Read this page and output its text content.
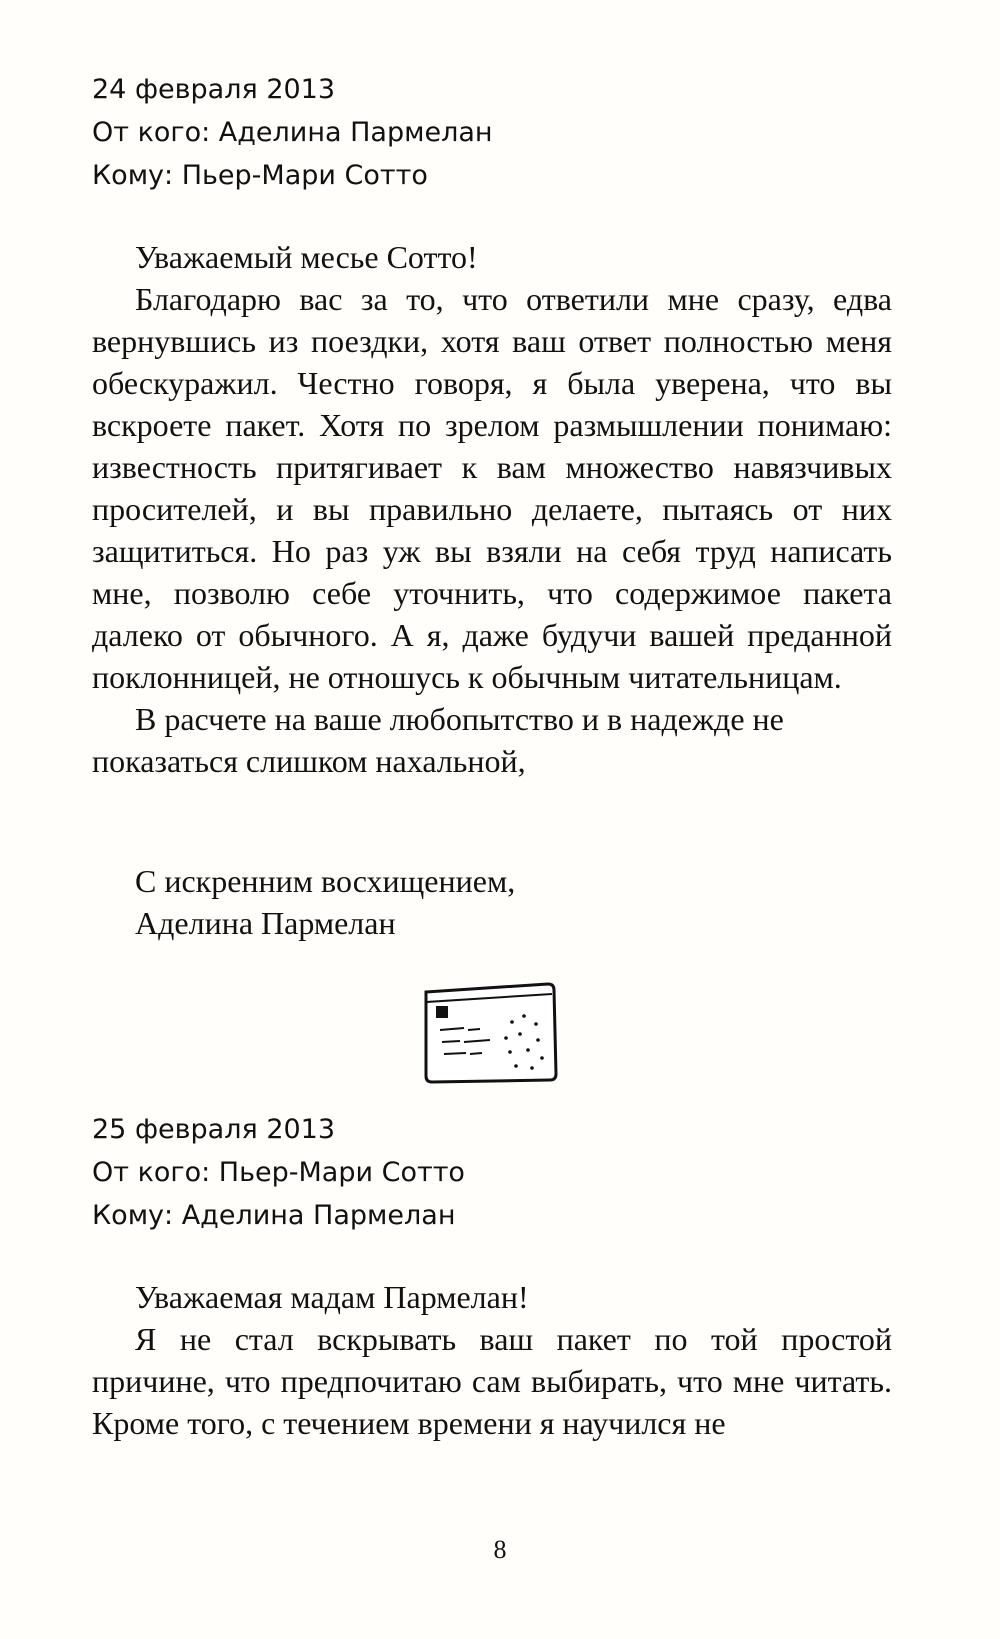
24 февраля 2013
От кого: Аделина Пармелан
Кому: Пьер-Мари Сотто

Уважаемый месье Сотто!

Благодарю вас за то, что ответили мне сразу, едва вернувшись из поездки, хотя ваш ответ полностью меня обескуражил. Честно говоря, я была уверена, что вы вскроете пакет. Хотя по зрелом размышлении понимаю: известность притягивает к вам множество навязчивых просителей, и вы правильно делаете, пытаясь от них защититься. Но раз уж вы взяли на себя труд написать мне, позволю себе уточнить, что содержимое пакета далеко от обычного. А я, даже будучи вашей преданной поклонницей, не отношусь к обычным читательницам.

В расчете на ваше любопытство и в надежде не показаться слишком нахальной,

С искренним восхищением,
Аделина Пармелан
25 февраля 2013
От кого: Пьер-Мари Сотто
Кому: Аделина Пармелан

Уважаемая мадам Пармелан!

Я не стал вскрывать ваш пакет по той простой причине, что предпочитаю сам выбирать, что мне читать. Кроме того, с течением времени я научился не

8
